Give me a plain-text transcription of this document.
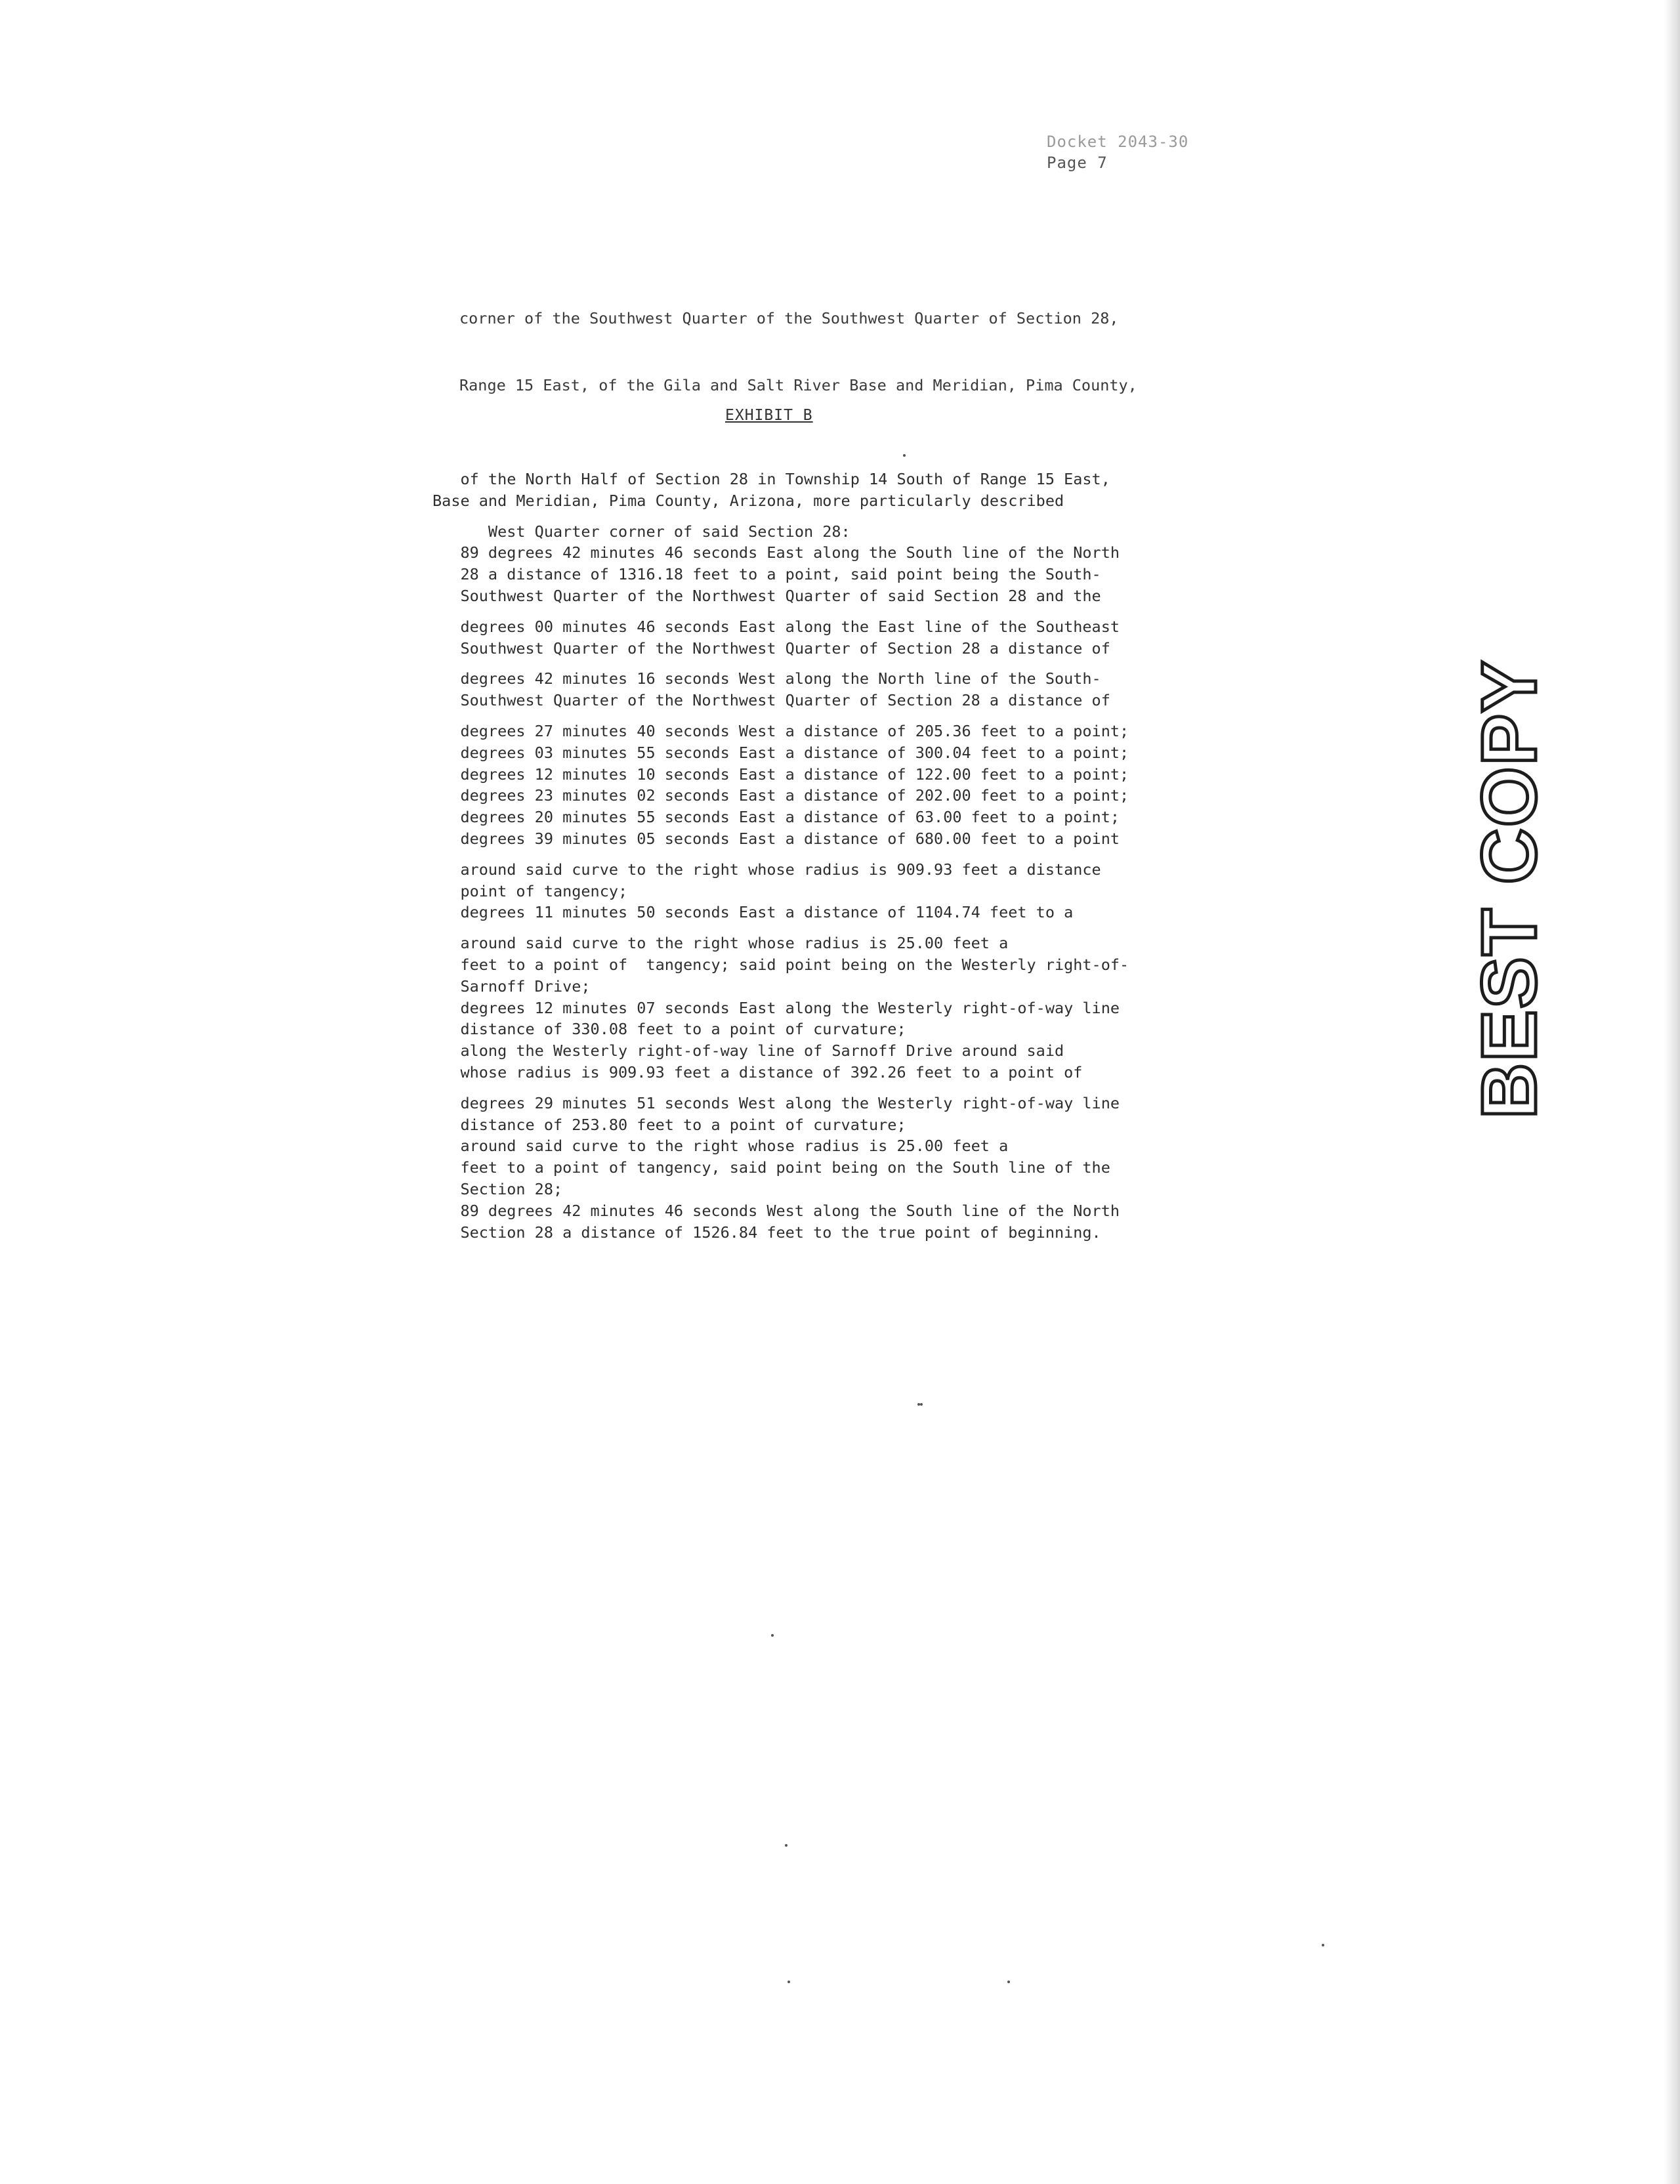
Docket 2043-30
Page 7

corner of the Southwest Quarter of the Southwest Quarter of Section 28,

Range 15 East, of the Gila and Salt River Base and Meridian, Pima County,

EXHIBIT B
of the North Half of Section 28 in Township 14 South of Range 15 East,
Base and Meridian, Pima County, Arizona, more particularly described
West Quarter corner of said Section 28:
89 degrees 42 minutes 46 seconds East along the South line of the North
28 a distance of 1316.18 feet to a point, said point being the South-
Southwest Quarter of the Northwest Quarter of said Section 28 and the
degrees 00 minutes 46 seconds East along the East line of the Southeast
Southwest Quarter of the Northwest Quarter of Section 28 a distance of
degrees 42 minutes 16 seconds West along the North line of the South-
Southwest Quarter of the Northwest Quarter of Section 28 a distance of
degrees 27 minutes 40 seconds West a distance of 205.36 feet to a point;
degrees 03 minutes 55 seconds East a distance of 300.04 feet to a point;
degrees 12 minutes 10 seconds East a distance of 122.00 feet to a point;
degrees 23 minutes 02 seconds East a distance of 202.00 feet to a point;
degrees 20 minutes 55 seconds East a distance of 63.00 feet to a point;
degrees 39 minutes 05 seconds East a distance of 680.00 feet to a point
around said curve to the right whose radius is 909.93 feet a distance
point of tangency;
degrees 11 minutes 50 seconds East a distance of 1104.74 feet to a
around said curve to the right whose radius is 25.00 feet a
feet to a point of  tangency; said point being on the Westerly right-of-
Sarnoff Drive;
degrees 12 minutes 07 seconds East along the Westerly right-of-way line
distance of 330.08 feet to a point of curvature;
along the Westerly right-of-way line of Sarnoff Drive around said
whose radius is 909.93 feet a distance of 392.26 feet to a point of
degrees 29 minutes 51 seconds West along the Westerly right-of-way line
distance of 253.80 feet to a point of curvature;
around said curve to the right whose radius is 25.00 feet a
feet to a point of tangency, said point being on the South line of the
Section 28;
89 degrees 42 minutes 46 seconds West along the South line of the North
Section 28 a distance of 1526.84 feet to the true point of beginning.
BEST COPY
